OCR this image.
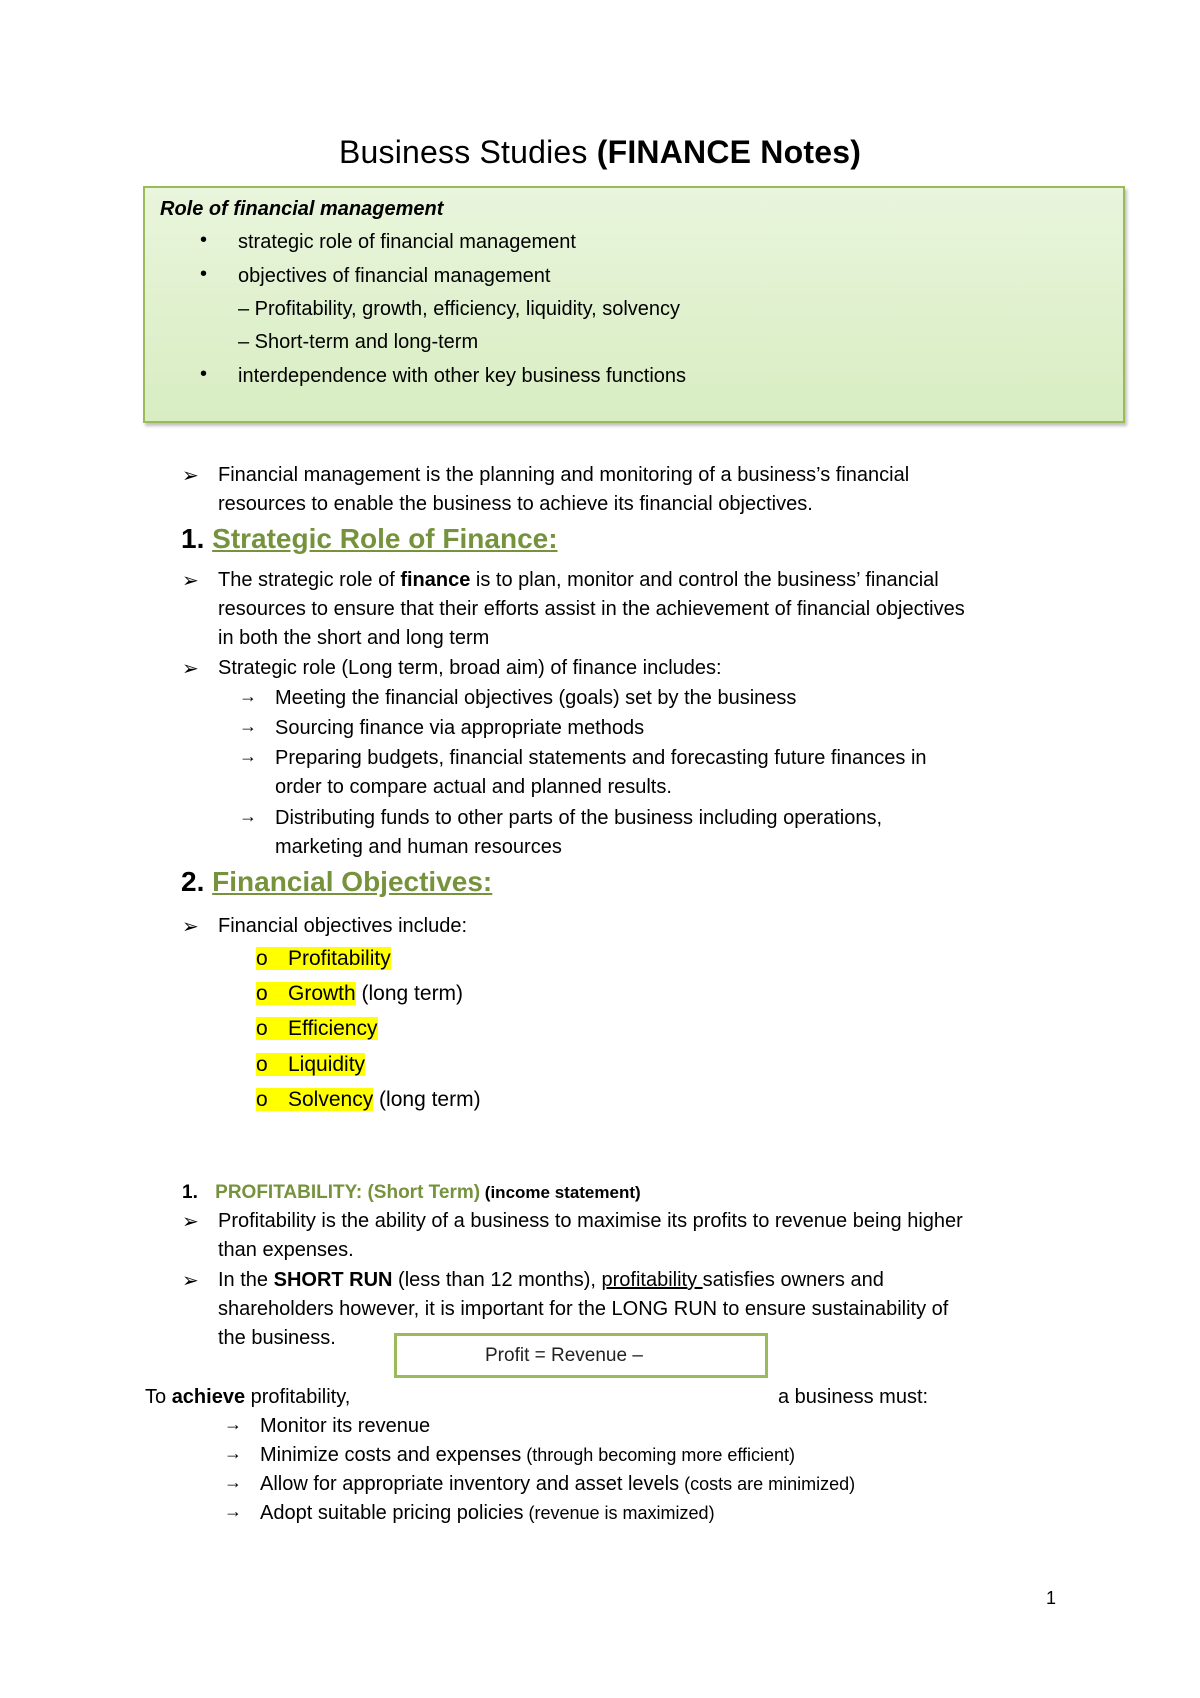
Business Studies (FINANCE Notes)
Role of financial management
• strategic role of financial management
• objectives of financial management
– Profitability, growth, efficiency, liquidity, solvency
– Short-term and long-term
• interdependence with other key business functions
➢ Financial management is the planning and monitoring of a business’s financial
resources to enable the business to achieve its financial objectives.
1. Strategic Role of Finance:
➢ The strategic role of finance is to plan, monitor and control the business’ financial
resources to ensure that their efforts assist in the achievement of financial objectives
in both the short and long term
➢ Strategic role (Long term, broad aim) of finance includes:
→ Meeting the financial objectives (goals) set by the business
→ Sourcing finance via appropriate methods
→ Preparing budgets, financial statements and forecasting future finances in
order to compare actual and planned results.
→ Distributing funds to other parts of the business including operations,
marketing and human resources
2. Financial Objectives:
➢ Financial objectives include:
o Profitability
o Growth (long term)
o Efficiency
o Liquidity
o Solvency (long term)
1. PROFITABILITY: (Short Term) (income statement)
➢ Profitability is the ability of a business to maximise its profits to revenue being higher
than expenses.
➢ In the SHORT RUN (less than 12 months), profitability satisfies owners and
shareholders however, it is important for the LONG RUN to ensure sustainability of
the business.
Profit = Revenue –
To achieve profitability,	a business must:
→ Monitor its revenue
→ Minimize costs and expenses (through becoming more efficient)
→ Allow for appropriate inventory and asset levels (costs are minimized)
→ Adopt suitable pricing policies (revenue is maximized)
1
